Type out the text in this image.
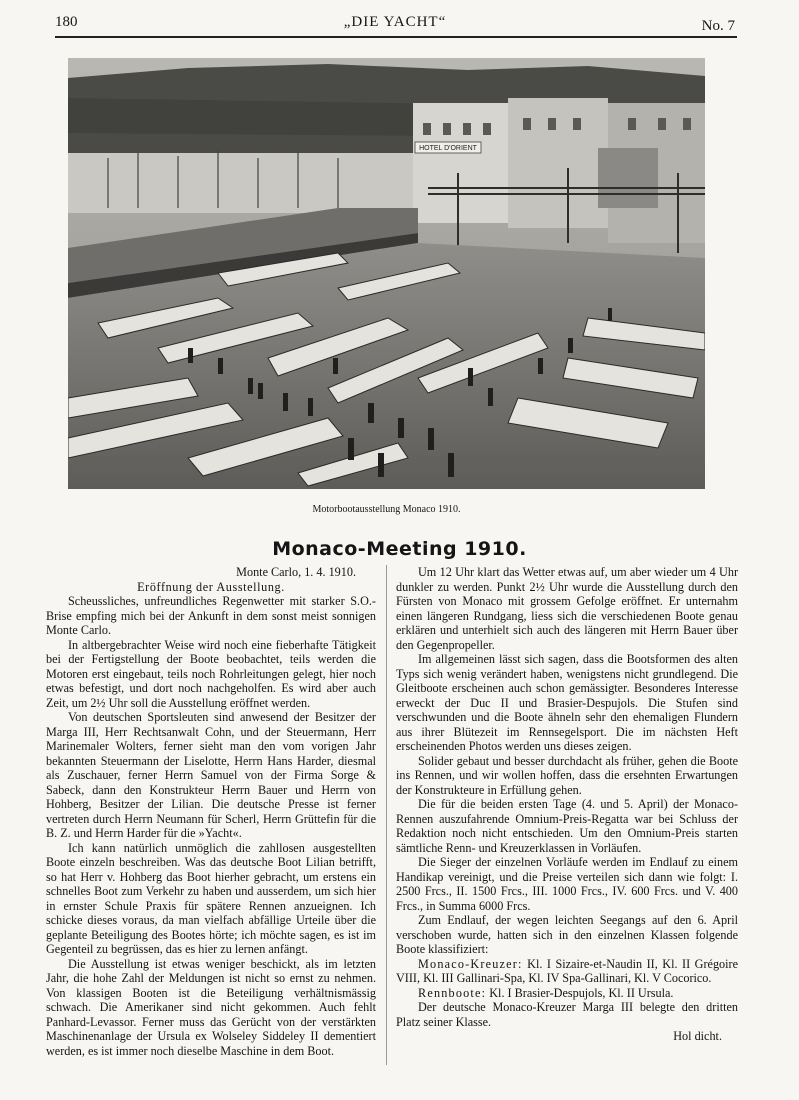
180	„DIE YACHT“	No. 7
HOTEL D'ORIENT
Motorbootausstellung Monaco 1910.
Monaco-Meeting 1910.

Monte Carlo, 1. 4. 1910.

Eröffnung der Ausstellung.

Scheussliches, unfreundliches Regenwetter mit starker S.O.-Brise empfing mich bei der Ankunft in dem sonst meist sonnigen Monte Carlo.

In altbergebrachter Weise wird noch eine fieberhafte Tätigkeit bei der Fertigstellung der Boote beobachtet, teils werden die Motoren erst eingebaut, teils noch Rohrleitungen gelegt, hier noch etwas befestigt, und dort noch nachgeholfen. Es wird aber auch Zeit, um 2½ Uhr soll die Ausstellung eröffnet werden.

Von deutschen Sportsleuten sind anwesend der Besitzer der Marga III, Herr Rechtsanwalt Cohn, und der Steuermann, Herr Marinemaler Wolters, ferner sieht man den vom vorigen Jahr bekannten Steuermann der Liselotte, Herrn Hans Harder, diesmal als Zuschauer, ferner Herrn Samuel von der Firma Sorge & Sabeck, dann den Konstrukteur Herrn Bauer und Herrn von Hohberg, Besitzer der Lilian. Die deutsche Presse ist ferner vertreten durch Herrn Neumann für Scherl, Herrn Grüttefin für die B. Z. und Herrn Harder für die »Yacht«.

Ich kann natürlich unmöglich die zahllosen ausgestellten Boote einzeln beschreiben. Was das deutsche Boot Lilian betrifft, so hat Herr v. Hohberg das Boot hierher gebracht, um erstens ein schnelles Boot zum Verkehr zu haben und ausserdem, um sich hier in ernster Schule Praxis für spätere Rennen anzueignen. Ich schicke dieses voraus, da man vielfach abfällige Urteile über die geplante Beteiligung des Bootes hörte; ich möchte sagen, es ist im Gegenteil zu begrüssen, das es hier zu lernen anfängt.

Die Ausstellung ist etwas weniger beschickt, als im letzten Jahr, die hohe Zahl der Meldungen ist nicht so ernst zu nehmen. Von klassigen Booten ist die Beteiligung verhältnismässig schwach. Die Amerikaner sind nicht gekommen. Auch fehlt Panhard-Levassor. Ferner muss das Gerücht von der verstärkten Maschinenanlage der Ursula ex Wolseley Siddeley II dementiert werden, es ist immer noch dieselbe Maschine in dem Boot.

Um 12 Uhr klart das Wetter etwas auf, um aber wieder um 4 Uhr dunkler zu werden. Punkt 2½ Uhr wurde die Ausstellung durch den Fürsten von Monaco mit grossem Gefolge eröffnet. Er unternahm einen längeren Rundgang, liess sich die verschiedenen Boote genau erklären und unterhielt sich auch des längeren mit Herrn Bauer über den Gegenpropeller.

Im allgemeinen lässt sich sagen, dass die Bootsformen des alten Typs sich wenig verändert haben, wenigstens nicht grundlegend. Die Gleitboote erscheinen auch schon gemässigter. Besonderes Interesse erweckt der Duc II und Brasier-Despujols. Die Stufen sind verschwunden und die Boote ähneln sehr den ehemaligen Flundern aus ihrer Blütezeit im Rennsegelsport. Die im nächsten Heft erscheinenden Photos werden uns dieses zeigen.

Solider gebaut und besser durchdacht als früher, gehen die Boote ins Rennen, und wir wollen hoffen, dass die ersehnten Erwartungen der Konstrukteure in Erfüllung gehen.

Die für die beiden ersten Tage (4. und 5. April) der Monaco-Rennen auszufahrende Omnium-Preis-Regatta war bei Schluss der Redaktion noch nicht entschieden. Um den Omnium-Preis starten sämtliche Renn- und Kreuzerklassen in Vorläufen.

Die Sieger der einzelnen Vorläufe werden im Endlauf zu einem Handikap vereinigt, und die Preise verteilen sich dann wie folgt: I. 2500 Frcs., II. 1500 Frcs., III. 1000 Frcs., IV. 600 Frcs. und V. 400 Frcs., in Summa 6000 Frcs.

Zum Endlauf, der wegen leichten Seegangs auf den 6. April verschoben wurde, hatten sich in den einzelnen Klassen folgende Boote klassifiziert:

Monaco-Kreuzer: Kl. I Sizaire-et-Naudin II, Kl. II Grégoire VIII, Kl. III Gallinari-Spa, Kl. IV Spa-Gallinari, Kl. V Cocorico.

Rennboote: Kl. I Brasier-Despujols, Kl. II Ursula.

Der deutsche Monaco-Kreuzer Marga III belegte den dritten Platz seiner Klasse.

Hol dicht.
